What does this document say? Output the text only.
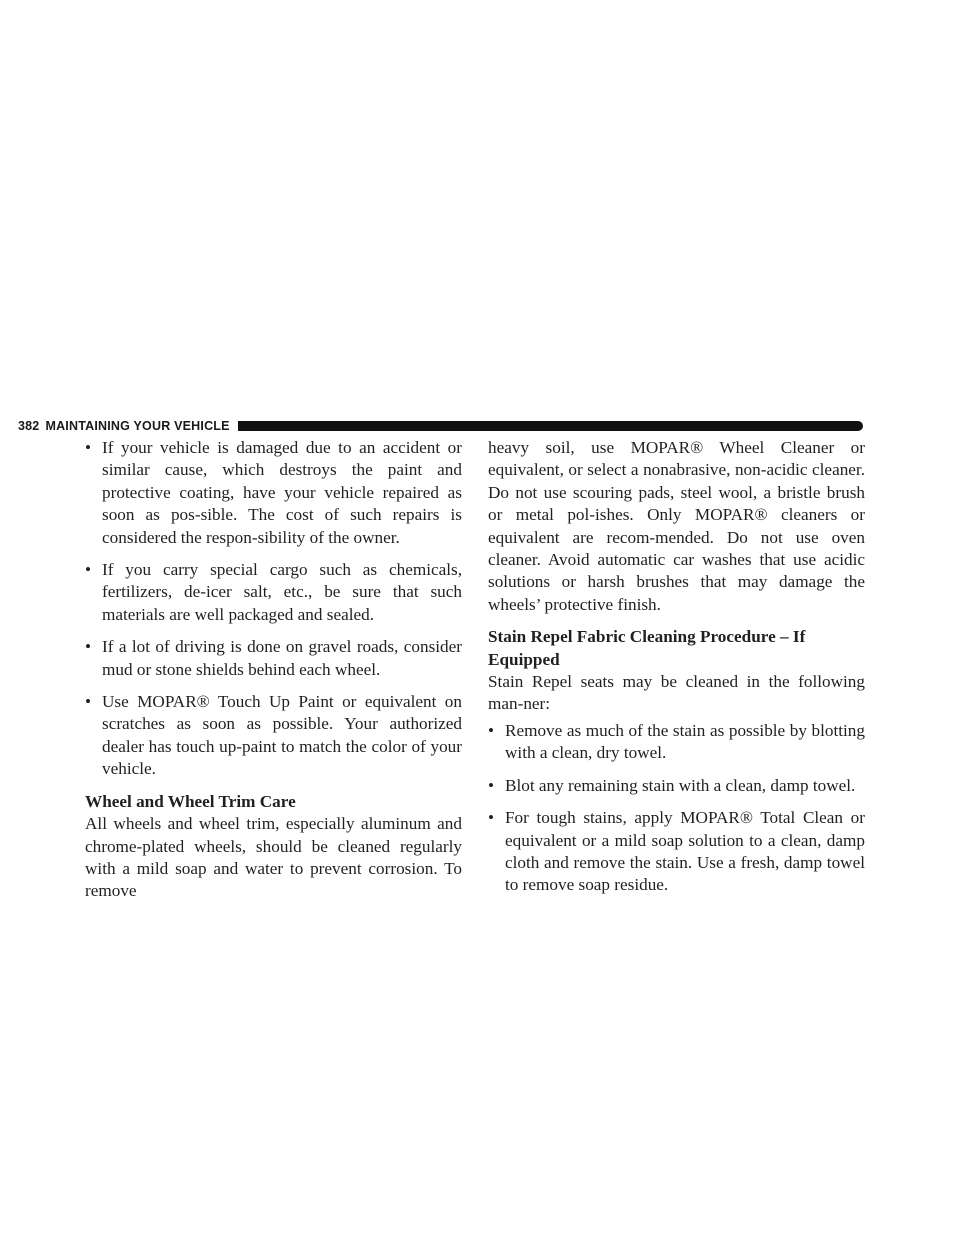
382 MAINTAINING YOUR VEHICLE
• If your vehicle is damaged due to an accident or similar cause, which destroys the paint and protective coating, have your vehicle repaired as soon as pos-sible. The cost of such repairs is considered the respon-sibility of the owner.
• If you carry special cargo such as chemicals, fertilizers, de-icer salt, etc., be sure that such materials are well packaged and sealed.
• If a lot of driving is done on gravel roads, consider mud or stone shields behind each wheel.
• Use MOPAR® Touch Up Paint or equivalent on scratches as soon as possible. Your authorized dealer has touch up-paint to match the color of your vehicle.
Wheel and Wheel Trim Care
All wheels and wheel trim, especially aluminum and chrome-plated wheels, should be cleaned regularly with a mild soap and water to prevent corrosion. To remove
heavy soil, use MOPAR® Wheel Cleaner or equivalent, or select a nonabrasive, non-acidic cleaner. Do not use scouring pads, steel wool, a bristle brush or metal pol-ishes. Only MOPAR® cleaners or equivalent are recom-mended. Do not use oven cleaner. Avoid automatic car washes that use acidic solutions or harsh brushes that may damage the wheels’ protective finish.
Stain Repel Fabric Cleaning Procedure – If Equipped
Stain Repel seats may be cleaned in the following man-ner:
• Remove as much of the stain as possible by blotting with a clean, dry towel.
• Blot any remaining stain with a clean, damp towel.
• For tough stains, apply MOPAR® Total Clean or equivalent or a mild soap solution to a clean, damp cloth and remove the stain. Use a fresh, damp towel to remove soap residue.
